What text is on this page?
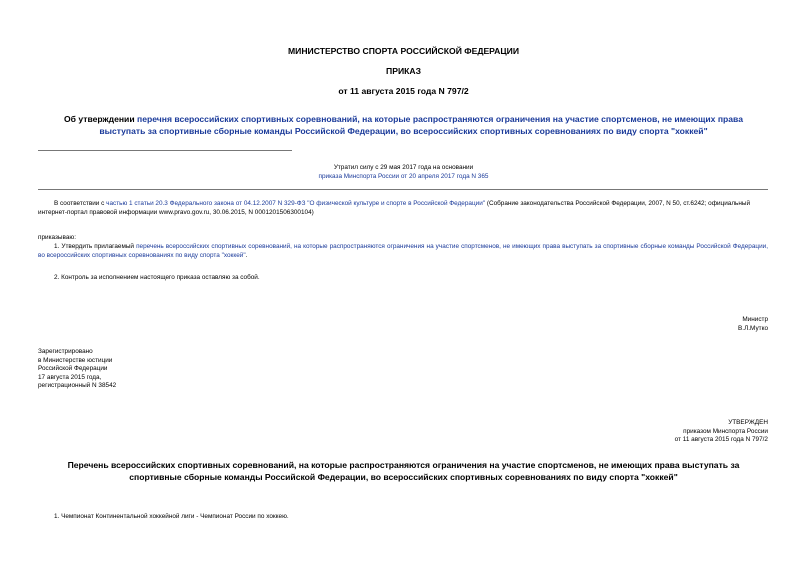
МИНИСТЕРСТВО СПОРТА РОССИЙСКОЙ ФЕДЕРАЦИИ
ПРИКАЗ
от 11 августа 2015 года N 797/2
Об утверждении перечня всероссийских спортивных соревнований, на которые распространяются ограничения на участие спортсменов, не имеющих права выступать за спортивные сборные команды Российской Федерации, во всероссийских спортивных соревнованиях по виду спорта "хоккей"
Утратил силу с 29 мая 2017 года на основании
приказа Минспорта России от 20 апреля 2017 года N 365
В соответствии с частью 1 статьи 20.3 Федерального закона от 04.12.2007 N 329-ФЗ "О физической культуре и спорте в Российской Федерации" (Собрание законодательства Российской Федерации, 2007, N 50, ст.6242; официальный интернет-портал правовой информации www.pravo.gov.ru, 30.06.2015, N 0001201506300104)
приказываю:
1. Утвердить прилагаемый перечень всероссийских спортивных соревнований, на которые распространяются ограничения на участие спортсменов, не имеющих права выступать за спортивные сборные команды Российской Федерации, во всероссийских спортивных соревнованиях по виду спорта "хоккей".
2. Контроль за исполнением настоящего приказа оставляю за собой.
Министр
В.Л.Мутко
Зарегистрировано
в Министерстве юстиции
Российской Федерации
17 августа 2015 года,
регистрационный N 38542
УТВЕРЖДЕН
приказом Минспорта России
от 11 августа 2015 года N 797/2
Перечень всероссийских спортивных соревнований, на которые распространяются ограничения на участие спортсменов, не имеющих права выступать за спортивные сборные команды Российской Федерации, во всероссийских спортивных соревнованиях по виду спорта "хоккей"
1. Чемпионат Континентальной хоккейной лиги - Чемпионат России по хоккею.
